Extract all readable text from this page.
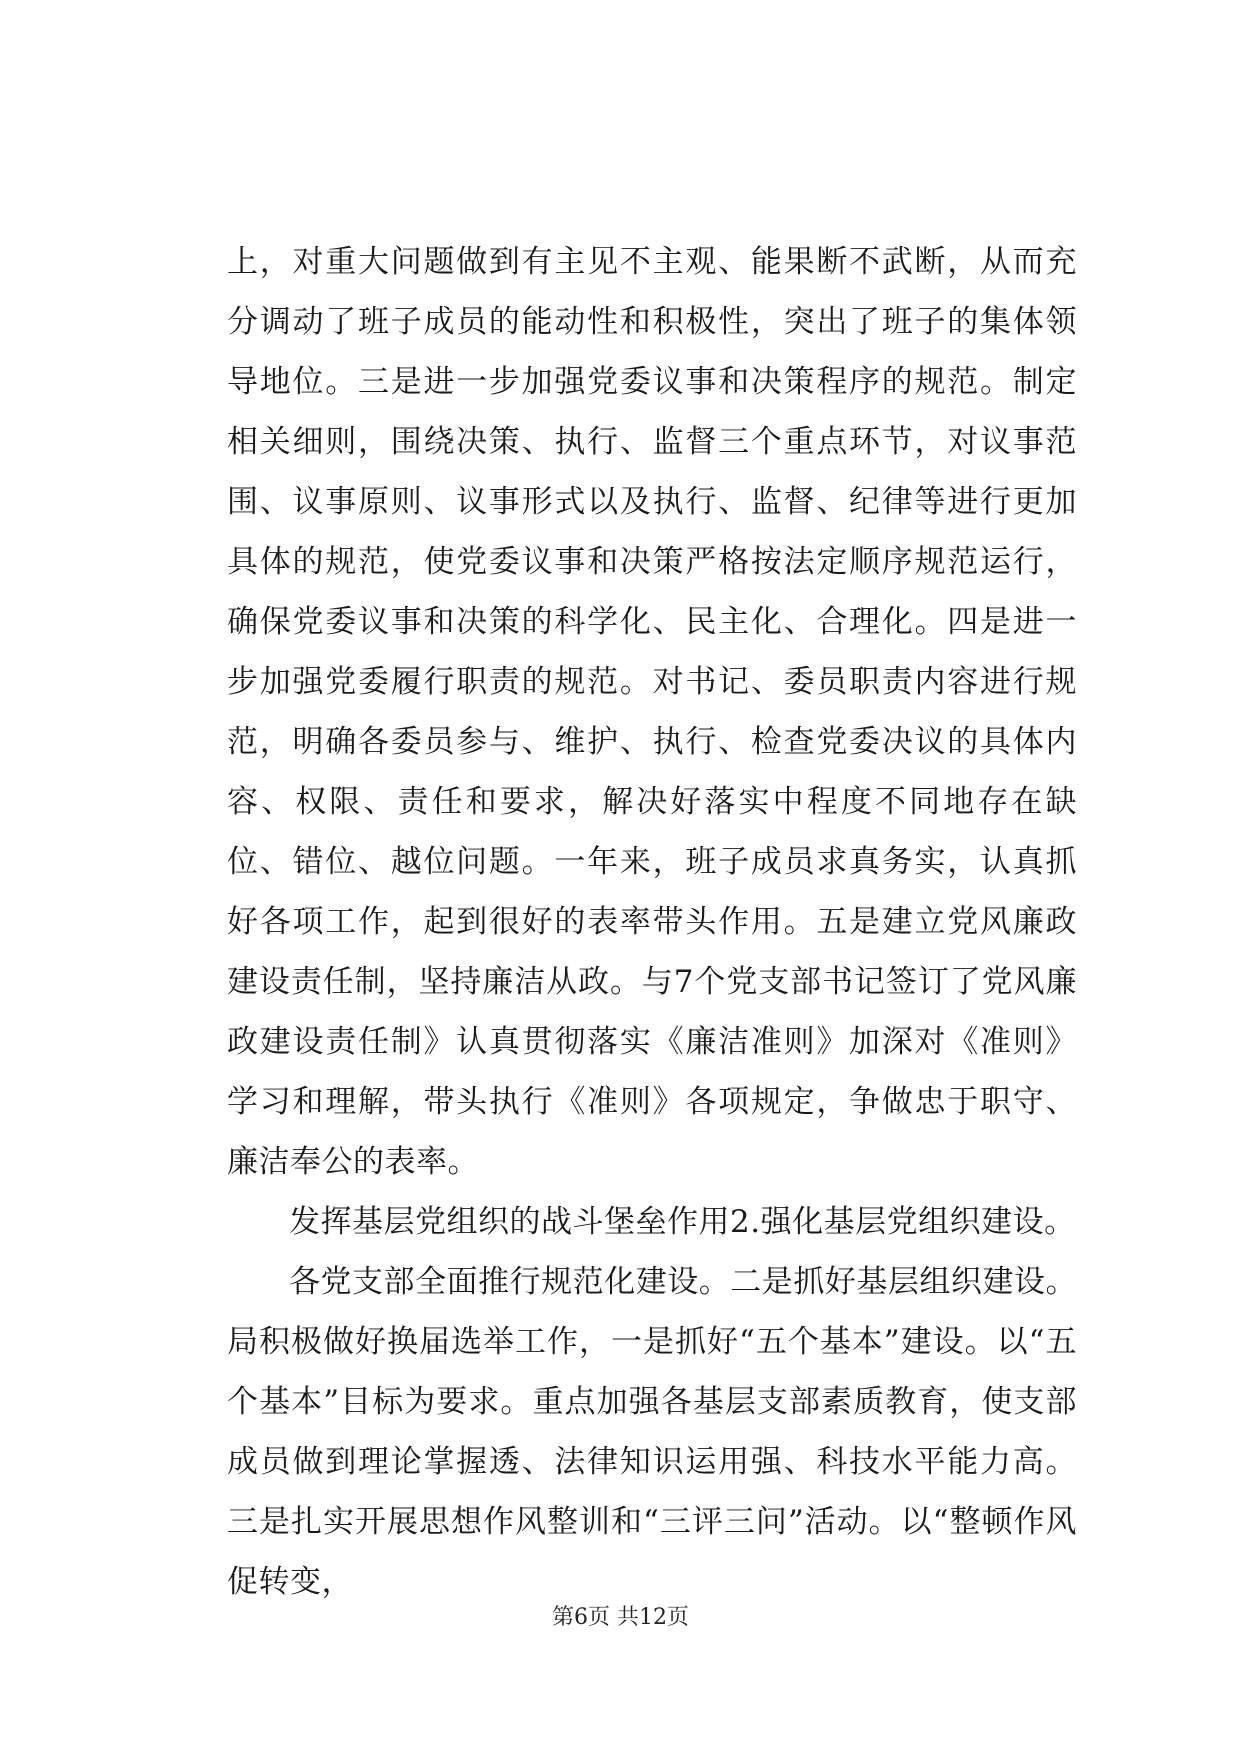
上，对重大问题做到有主见不主观、能果断不武断，从而充分调动了班子成员的能动性和积极性，突出了班子的集体领导地位。三是进一步加强党委议事和决策程序的规范。制定相关细则，围绕决策、执行、监督三个重点环节，对议事范围、议事原则、议事形式以及执行、监督、纪律等进行更加具体的规范，使党委议事和决策严格按法定顺序规范运行，确保党委议事和决策的科学化、民主化、合理化。四是进一步加强党委履行职责的规范。对书记、委员职责内容进行规范，明确各委员参与、维护、执行、检查党委决议的具体内容、权限、责任和要求，解决好落实中程度不同地存在缺位、错位、越位问题。一年来，班子成员求真务实，认真抓好各项工作，起到很好的表率带头作用。五是建立党风廉政建设责任制，坚持廉洁从政。与7个党支部书记签订了党风廉政建设责任制》认真贯彻落实《廉洁准则》加深对《准则》学习和理解，带头执行《准则》各项规定，争做忠于职守、廉洁奉公的表率。

发挥基层党组织的战斗堡垒作用2.强化基层党组织建设。

各党支部全面推行规范化建设。二是抓好基层组织建设。局积极做好换届选举工作，一是抓好“五个基本”建设。以“五个基本”目标为要求。重点加强各基层支部素质教育，使支部成员做到理论掌握透、法律知识运用强、科技水平能力高。三是扎实开展思想作风整训和“三评三问”活动。以“整顿作风促转变，

第6页 共12页
